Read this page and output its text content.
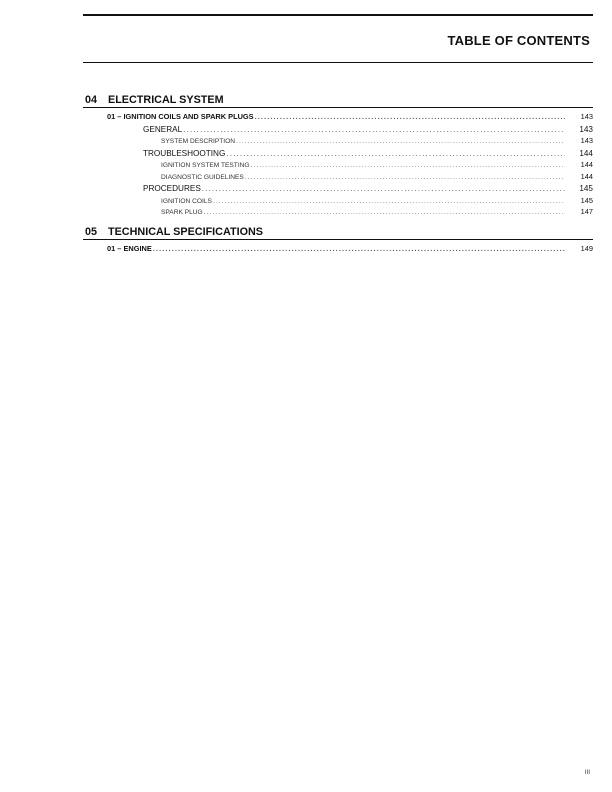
TABLE OF CONTENTS
04	ELECTRICAL SYSTEM
01 – IGNITION COILS AND SPARK PLUGS .....	143
GENERAL .....	143
SYSTEM DESCRIPTION .....	143
TROUBLESHOOTING .....	144
IGNITION SYSTEM TESTING .....	144
DIAGNOSTIC GUIDELINES .....	144
PROCEDURES .....	145
IGNITION COILS .....	145
SPARK PLUG .....	147
05	TECHNICAL SPECIFICATIONS
01 – ENGINE .....	149
III
